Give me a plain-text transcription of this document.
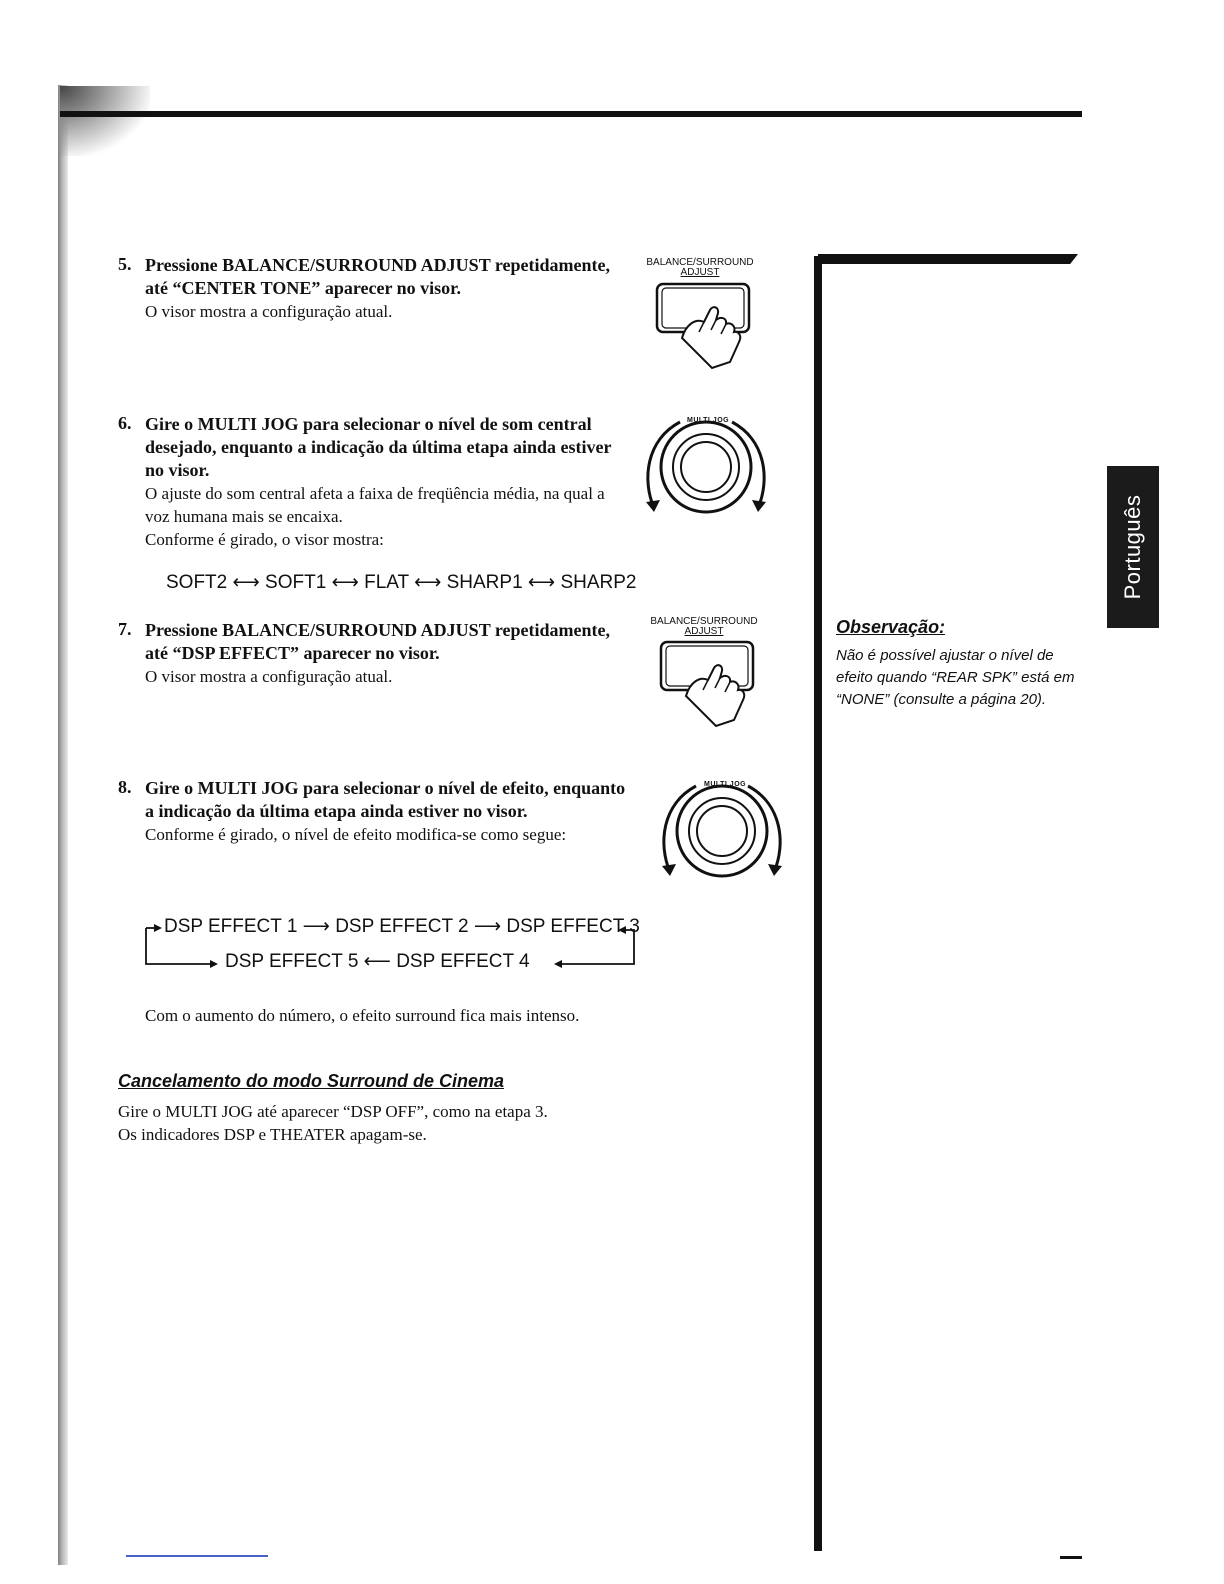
Português
5. Pressione BALANCE/SURROUND ADJUST repetidamente, até “CENTER TONE” aparecer no visor.
O visor mostra a configuração atual.
BALANCE/SURROUND
ADJUST
6. Gire o MULTI JOG para selecionar o nível de som central desejado, enquanto a indicação da última etapa ainda estiver no visor.
O ajuste do som central afeta a faixa de freqüência média, na qual a voz humana mais se encaixa.
Conforme é girado, o visor mostra:
MULTI JOG
SOFT2 ⟷ SOFT1 ⟷ FLAT ⟷ SHARP1 ⟷ SHARP2
7. Pressione BALANCE/SURROUND ADJUST repetidamente, até “DSP EFFECT” aparecer no visor.
O visor mostra a configuração atual.
BALANCE/SURROUND
ADJUST
8. Gire o MULTI JOG para selecionar o nível de efeito, enquanto a indicação da última etapa ainda estiver no visor.
Conforme é girado, o nível de efeito modifica-se como segue:
MULTI JOG
DSP EFFECT 1 ⟶ DSP EFFECT 2 ⟶ DSP EFFECT 3
DSP EFFECT 5 ⟵ DSP EFFECT 4
Com o aumento do número, o efeito surround fica mais intenso.
Cancelamento do modo Surround de Cinema
Gire o MULTI JOG até aparecer “DSP OFF”, como na etapa 3.
Os indicadores DSP e THEATER apagam-se.
Observação:
Não é possível ajustar o nível de efeito quando “REAR SPK” está em “NONE” (consulte a página 20).
